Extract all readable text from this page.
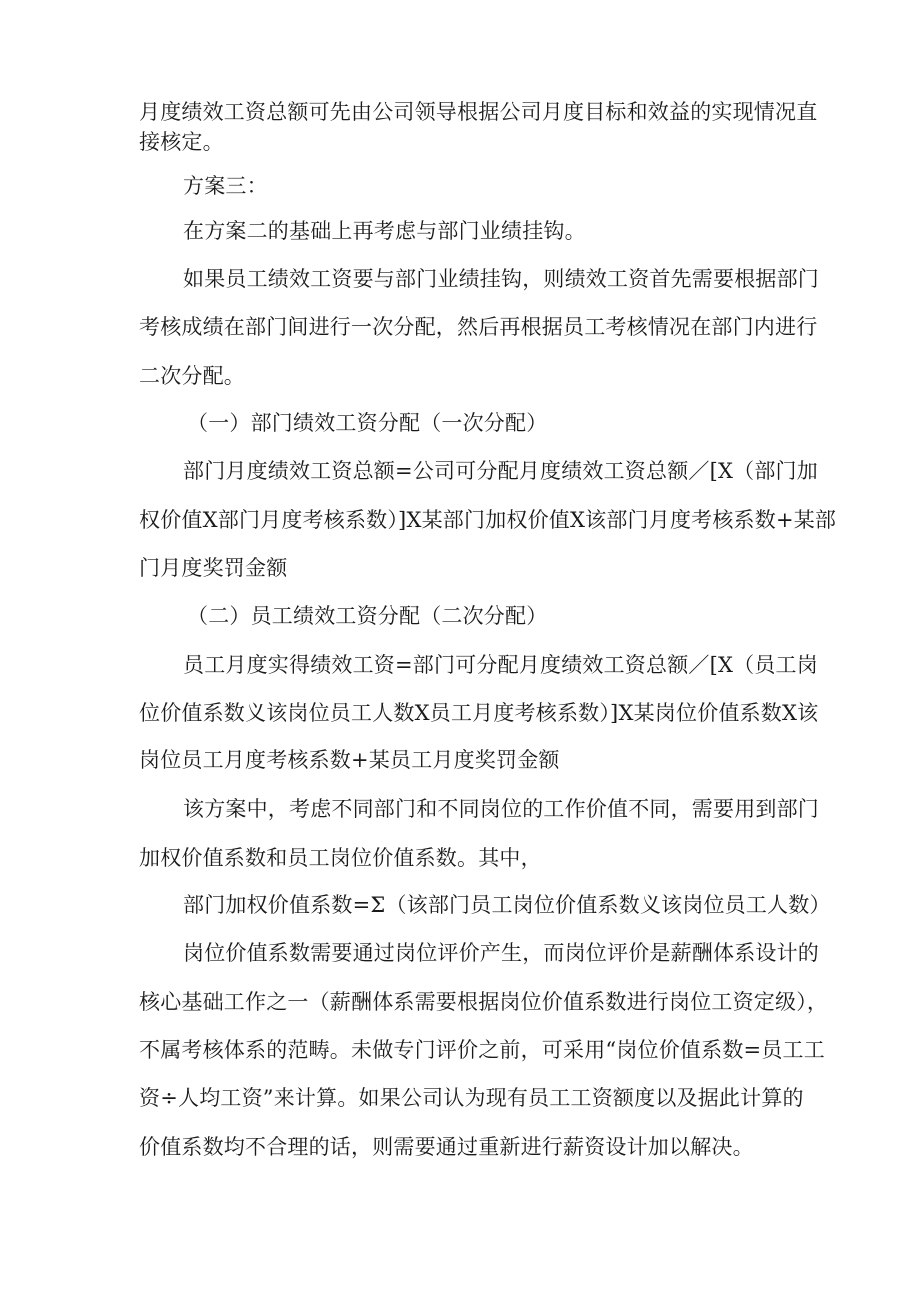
月度绩效工资总额可先由公司领导根据公司月度目标和效益的实现情况直

接核定。

方案三：

在方案二的基础上再考虑与部门业绩挂钩。

如果员工绩效工资要与部门业绩挂钩，则绩效工资首先需要根据部门

考核成绩在部门间进行一次分配，然后再根据员工考核情况在部门内进行

二次分配。

（一）部门绩效工资分配（一次分配）

部门月度绩效工资总额=公司可分配月度绩效工资总额／[X（部门加

权价值X部门月度考核系数）]X某部门加权价值X该部门月度考核系数+某部

门月度奖罚金额

（二）员工绩效工资分配（二次分配）

员工月度实得绩效工资=部门可分配月度绩效工资总额／[X（员工岗

位价值系数义该岗位员工人数X员工月度考核系数）]X某岗位价值系数X该

岗位员工月度考核系数+某员工月度奖罚金额

该方案中，考虑不同部门和不同岗位的工作价值不同，需要用到部门

加权价值系数和员工岗位价值系数。其中，

部门加权价值系数=Σ（该部门员工岗位价值系数义该岗位员工人数）

岗位价值系数需要通过岗位评价产生，而岗位评价是薪酬体系设计的

核心基础工作之一（薪酬体系需要根据岗位价值系数进行岗位工资定级），

不属考核体系的范畴。未做专门评价之前，可采用“岗位价值系数=员工工

资÷人均工资”来计算。如果公司认为现有员工工资额度以及据此计算的

价值系数均不合理的话，则需要通过重新进行薪资设计加以解决。
